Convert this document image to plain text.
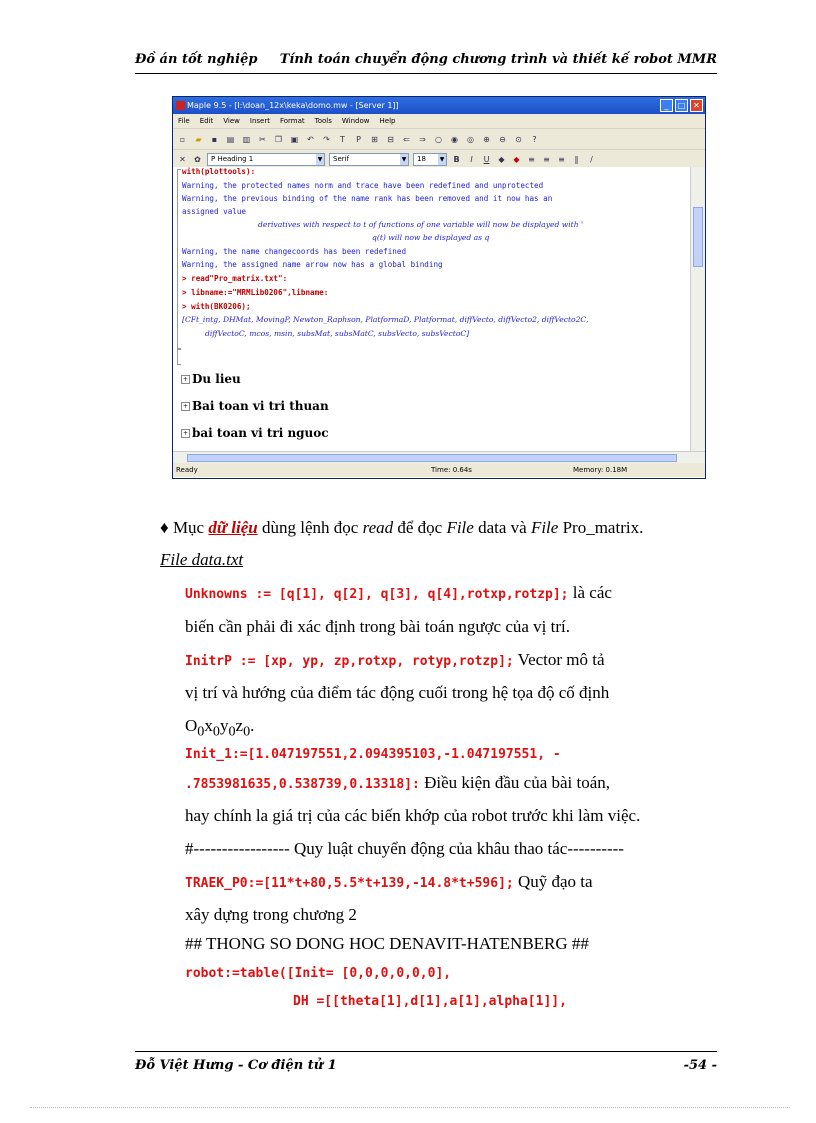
Đồ án tốt nghiệp Tính toán chuyển động chương trình và thiết kế robot MMR
Maple 9.5 - [I:\doan_12x\keka\domo.mw - [Server 1]]	_	□ ✕
File Edit View Insert Format Tools Window Help
▫	▰	▪	▤ ▥ ✂ ❐ ▣ ↶ ↷	T	P	⊞ ⊟ ⇐ ⇒ ○ ◉ ◎ ⊕ ⊖ ⊙	?
✕ ✿	P Heading 1	▼	Serif	▼	18 ▼	B	I	U	◆	◆	≡ ≡ ≡	‖	/
with(plottools):
Warning, the protected names norm and trace have been redefined and unprotected
Warning, the previous binding of the name rank has been removed and it now has an
assigned value
derivatives with respect to t of functions of one variable will now be displayed with '
q(t) will now be displayed as q
Warning, the name changecoords has been redefined
Warning, the assigned name arrow now has a global binding
> read"Pro_matrix.txt":
> libname:="MRMLib0206",libname:
> with(BK0206);
[CFt_intg, DHMat, MovingP, Newton_Raphson, PlatformaD, Platformat, diffVecto, diffVecto2, diffVecto2C,
diffVectoC, mcos, msin, subsMat, subsMatC, subsVecto, subsVectoC]
+ Du lieu
+ Bai toan vi tri thuan
+ bai toan vi tri nguoc
Ready	Time: 0.64s	Memory: 0.18M
♦ Mục dữ liệu dùng lệnh đọc read để đọc File data và File Pro_matrix.
File data.txt
Unknowns := [q[1], q[2], q[3], q[4],rotxp,rotzp]; là các
biến cần phải đi xác định trong bài toán ngược của vị trí.
InitrP := [xp, yp, zp,rotxp, rotyp,rotzp]; Vector mô tả
vị trí và hướng của điểm tác động cuối trong hệ tọa độ cố định
$O_0x_0y_0z_0$.
Init_1:=[1.047197551,2.094395103,-1.047197551, -
.7853981635,0.538739,0.13318]: Điều kiện đầu của bài toán,
hay chính la giá trị của các biến khớp của robot trước khi làm việc.
#----------------- Quy luật chuyển động của khâu thao tác----------
TRAEK_P0:=[11*t+80,5.5*t+139,-14.8*t+596]; Quỹ đạo ta
xây dựng trong chương 2
## THONG SO DONG HOC DENAVIT-HATENBERG ##
robot:=table([Init= [0,0,0,0,0,0],
DH =[[theta[1],d[1],a[1],alpha[1]],
Đỗ Việt Hưng - Cơ điện tử 1	-54 -
